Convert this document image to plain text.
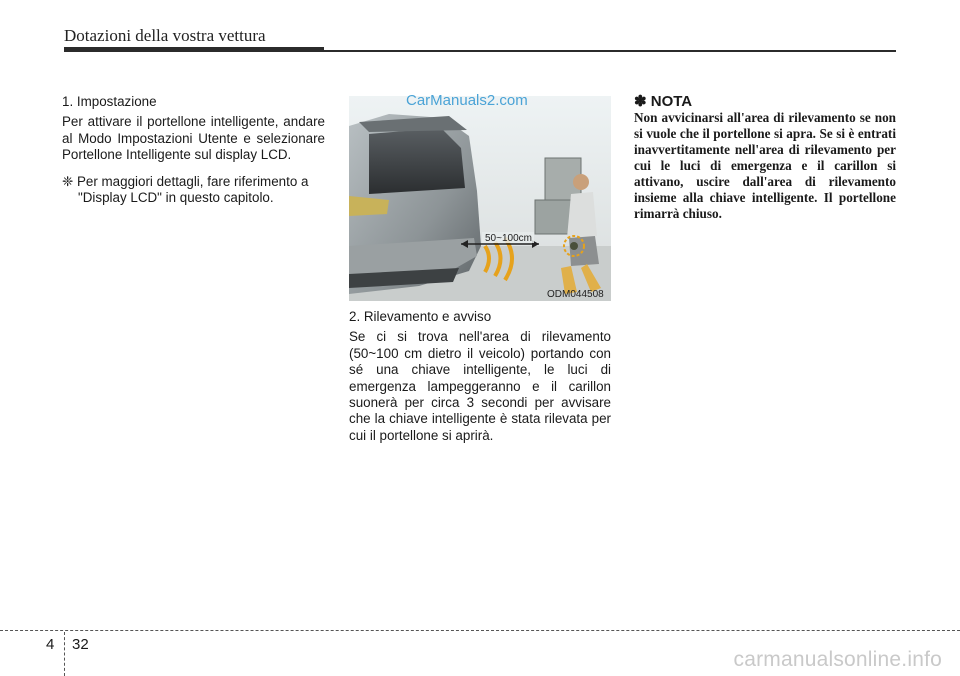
Dotazioni della vostra vettura

1. Impostazione

Per attivare il portellone intelligente, andare al Modo Impostazioni Utente e selezionare Portellone Intelligente sul display LCD.

❈ Per maggiori dettagli, fare riferimento a "Display LCD" in questo capitolo.

50~100cm
ODM044508
CarManuals2.com

2. Rilevamento e avviso

Se ci si trova nell'area di rilevamento (50~100 cm dietro il veicolo) portando con sé una chiave intelligente, le luci di emergenza lampeggeranno e il carillon suonerà per circa 3 secondi per avvisare che la chiave intelligente è stata rilevata per cui il portellone si aprirà.

✽ NOTA

Non avvicinarsi all'area di rilevamento se non si vuole che il portellone si apra. Se si è entrati inavvertitamente nell'area di rilevamento per cui le luci di emergenza e il carillon si attivano, uscire dall'area di rilevamento insieme alla chiave intelligente. Il portellone rimarrà chiuso.

4 32
carmanualsonline.info
